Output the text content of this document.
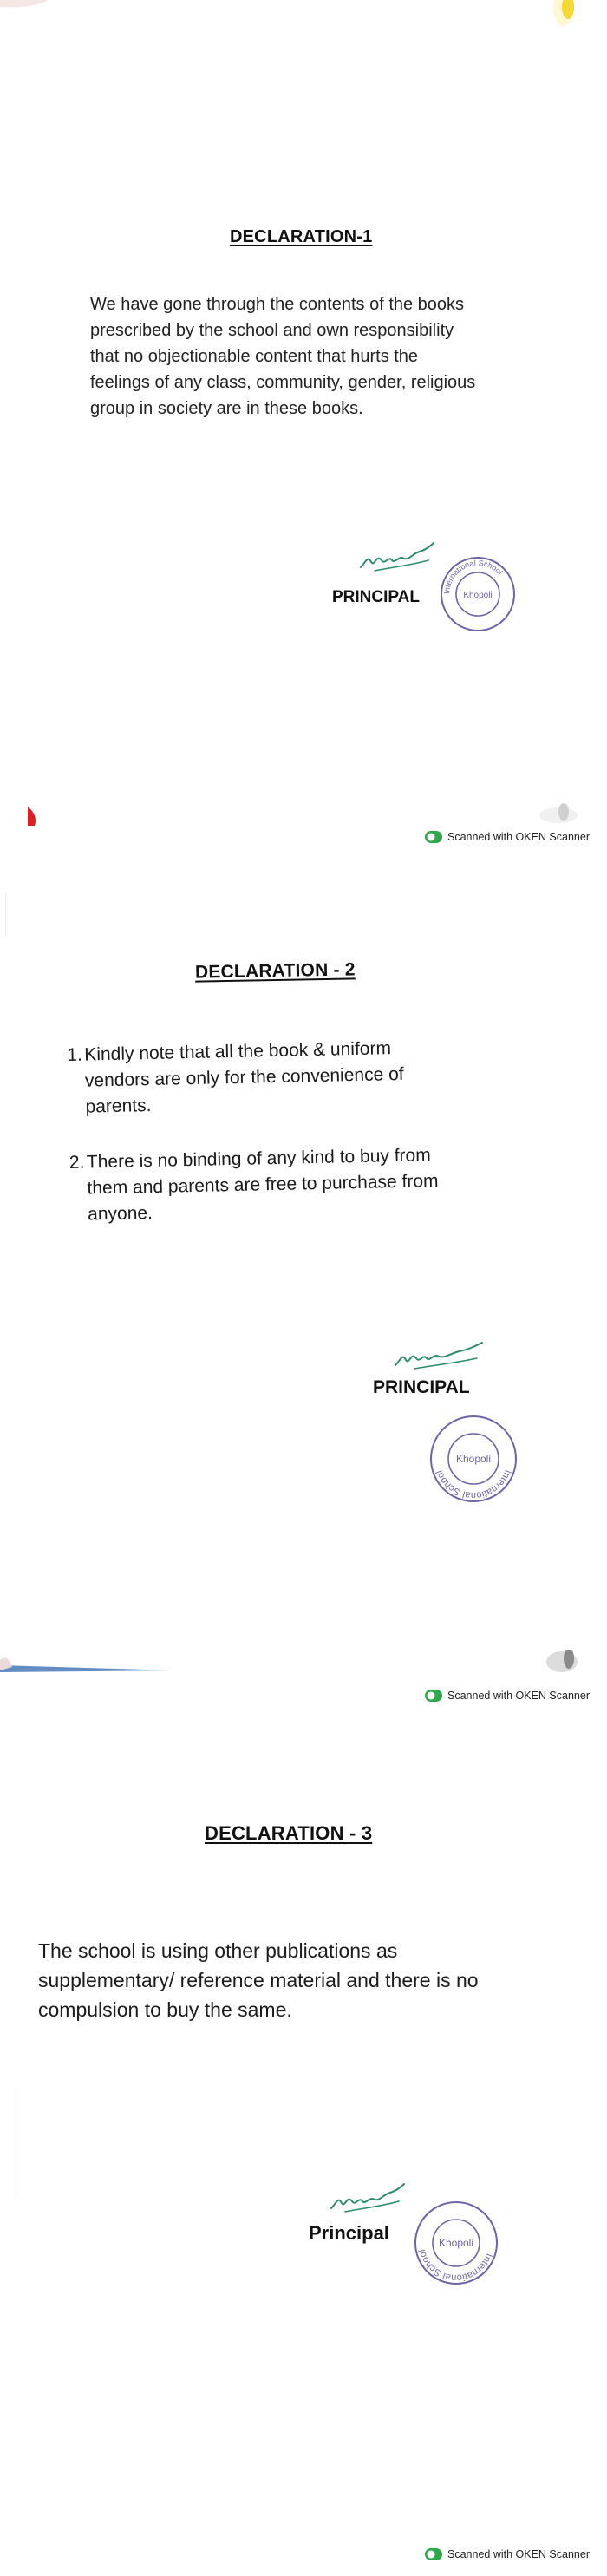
DECLARATION-1
We have gone through the contents of the books
prescribed by the school and own responsibility
that no objectionable content that hurts the
feelings of any class, community, gender, religious
group in society are in these books.
PRINCIPAL	International School
Khopoli
Scanned with OKEN Scanner
DECLARATION - 2
1. Kindly note that all the book & uniform
vendors are only for the convenience of
parents.
2. There is no binding of any kind to buy from
them and parents are free to purchase from
anyone.
PRINCIPAL
International School
Khopoli
Scanned with OKEN Scanner
DECLARATION - 3
The school is using other publications as
supplementary/ reference material and there is no
compulsion to buy the same.
Principal
International School
Khopoli
Scanned with OKEN Scanner
